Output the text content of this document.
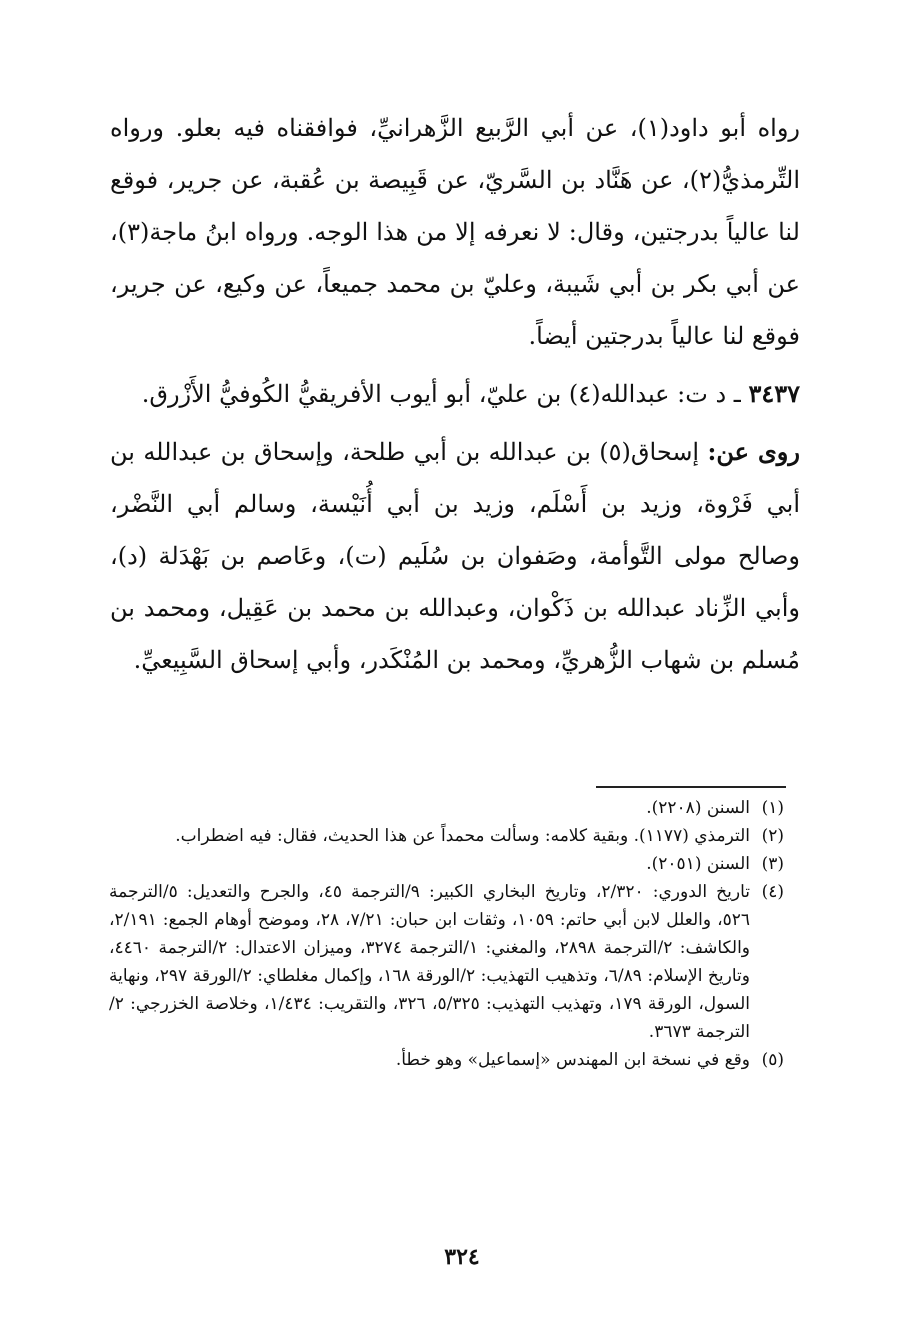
رواه أبو داود(١)، عن أبي الرَّبيع الزَّهرانيِّ، فوافقناه فيه بعلو. ورواه التِّرمذيُّ(٢)، عن هَنَّاد بن السَّريّ، عن قَبِيصة بن عُقبة، عن جرير، فوقع لنا عالياً بدرجتين، وقال: لا نعرفه إلا من هذا الوجه. ورواه ابنُ ماجة(٣)، عن أبي بكر بن أبي شَيبة، وعليّ بن محمد جميعاً، عن وكيع، عن جرير، فوقع لنا عالياً بدرجتين أيضاً.

٣٤٣٧ ـ د ت: عبدالله(٤) بن عليّ، أبو أيوب الأفريقيُّ الكُوفيُّ الأَزْرق.

روى عن: إسحاق(٥) بن عبدالله بن أبي طلحة، وإسحاق بن عبدالله بن أبي فَرْوة، وزيد بن أَسْلَم، وزيد بن أبي أُنَيْسة، وسالم أبي النَّضْر، وصالح مولى التَّوأمة، وصَفوان بن سُلَيم (ت)، وعَاصم بن بَهْدَلة (د)، وأبي الزِّناد عبدالله بن ذَكْوان، وعبدالله بن محمد بن عَقِيل، ومحمد بن مُسلم بن شهاب الزُّهريِّ، ومحمد بن المُنْكَدر، وأبي إسحاق السَّبِيعيِّ.

(١)
السنن (٢٢٠٨).
(٢)
الترمذي (١١٧٧). وبقية كلامه: وسألت محمداً عن هذا الحديث، فقال: فيه اضطراب.
(٣)
السنن (٢٠٥١).
(٤)
تاريخ الدوري: ٢/٣٢٠، وتاريخ البخاري الكبير: ٩/الترجمة ٤٥، والجرح والتعديل: ٥/الترجمة ٥٢٦، والعلل لابن أبي حاتم: ١٠٥٩، وثقات ابن حبان: ٧/٢١، ٢٨، وموضح أوهام الجمع: ٢/١٩١، والكاشف: ٢/الترجمة ٢٨٩٨، والمغني: ١/الترجمة ٣٢٧٤، وميزان الاعتدال: ٢/الترجمة ٤٤٦٠، وتاريخ الإسلام: ٦/٨٩، وتذهيب التهذيب: ٢/الورقة ١٦٨، وإكمال مغلطاي: ٢/الورقة ٢٩٧، ونهاية السول، الورقة ١٧٩، وتهذيب التهذيب: ٥/٣٢٥، ٣٢٦، والتقريب: ١/٤٣٤، وخلاصة الخزرجي: ٢/الترجمة ٣٦٧٣.
(٥)
وقع في نسخة ابن المهندس «إسماعيل» وهو خطأ.
٣٢٤
